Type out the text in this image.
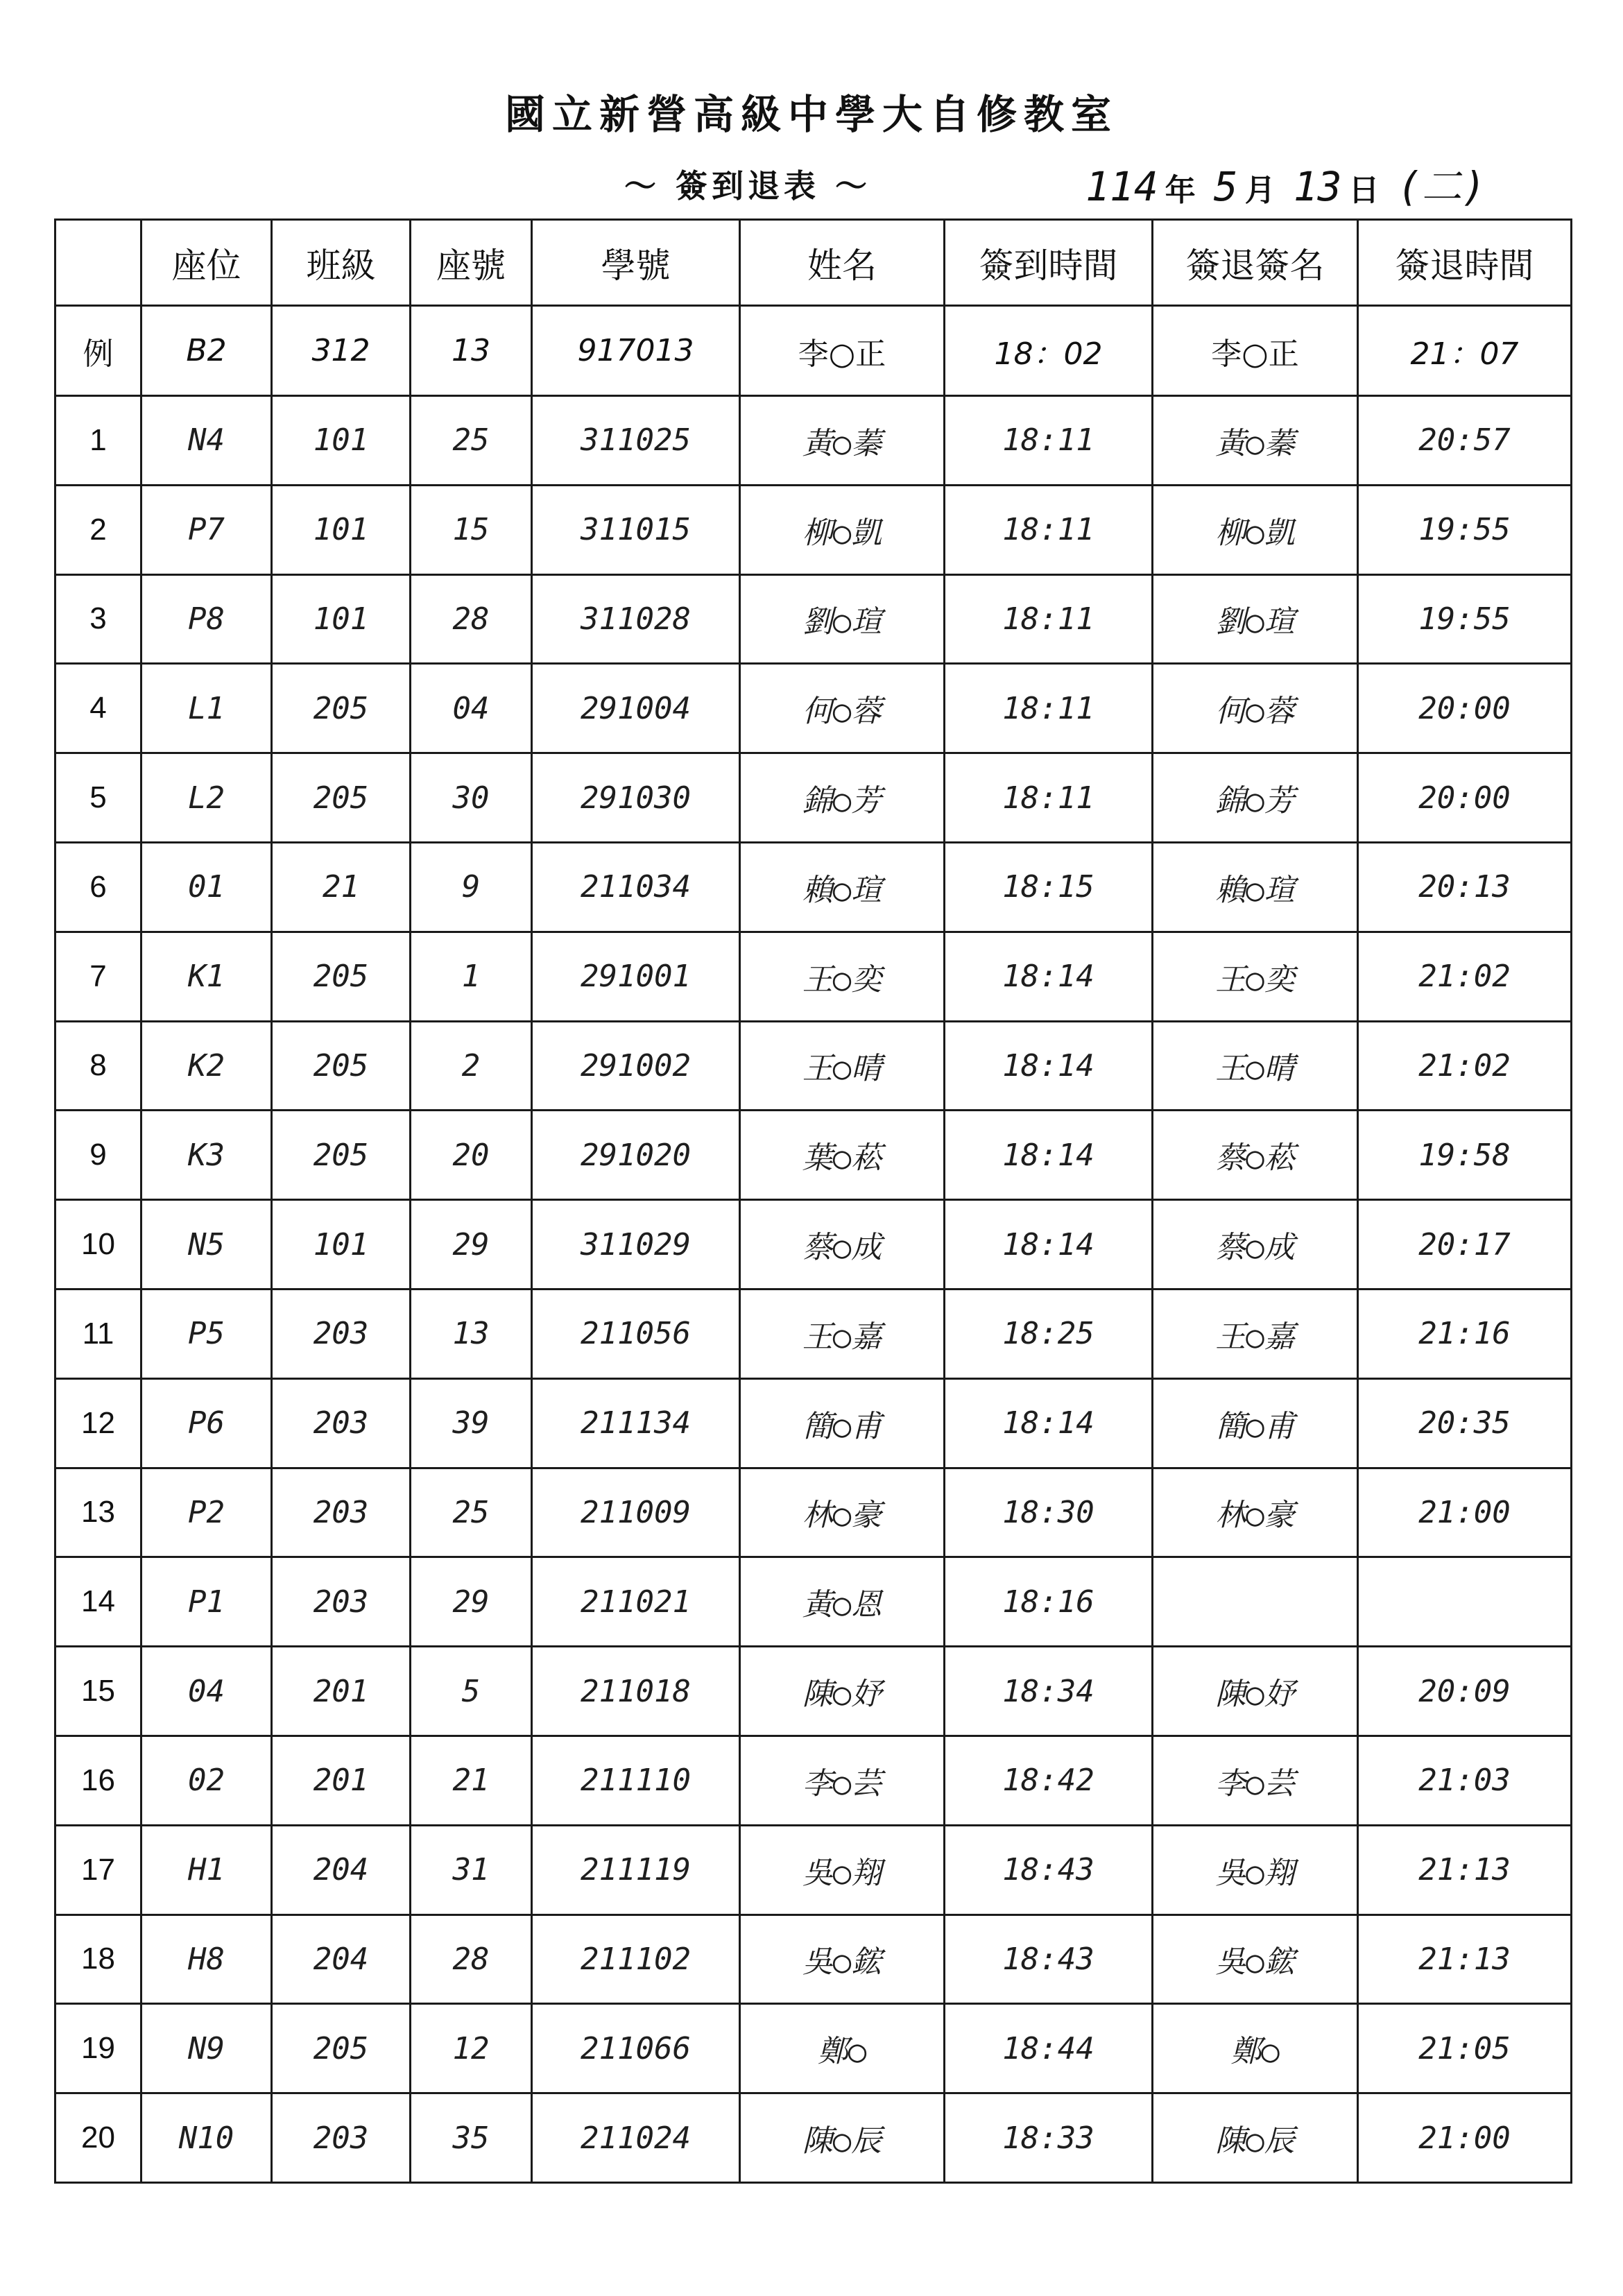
國立新營高級中學大自修教室
～ 簽到退表 ～	114 年 5 月 13 日 (二)
	座位	班級	座號	學號	姓名	簽到時間	簽退簽名	簽退時間
例	B2	312	13	917013	李○正	18：02	李○正	21：07
1	N4	101	25	311025	黃○蓁	18:11	黃○蓁	20:57
2	P7	101	15	311015	柳○凱	18:11	柳○凱	19:55
3	P8	101	28	311028	劉○瑄	18:11	劉○瑄	19:55
4	L1	205	04	291004	何○蓉	18:11	何○蓉	20:00
5	L2	205	30	291030	錦○芳	18:11	錦○芳	20:00
6	01	21	9	211034	賴○瑄	18:15	賴○瑄	20:13
7	K1	205	1	291001	王○奕	18:14	王○奕	21:02
8	K2	205	2	291002	王○晴	18:14	王○晴	21:02
9	K3	205	20	291020	葉○菘	18:14	蔡○菘	19:58
10	N5	101	29	311029	蔡○成	18:14	蔡○成	20:17
11	P5	203	13	211056	王○嘉	18:25	王○嘉	21:16
12	P6	203	39	211134	簡○甫	18:14	簡○甫	20:35
13	P2	203	25	211009	林○豪	18:30	林○豪	21:00
14	P1	203	29	211021	黃○恩	18:16		
15	04	201	5	211018	陳○妤	18:34	陳○妤	20:09
16	02	201	21	211110	李○芸	18:42	李○芸	21:03
17	H1	204	31	211119	吳○翔	18:43	吳○翔	21:13
18	H8	204	28	211102	吳○鋐	18:43	吳○鋐	21:13
19	N9	205	12	211066	鄭○	18:44	鄭○	21:05
20	N10	203	35	211024	陳○辰	18:33	陳○辰	21:00
